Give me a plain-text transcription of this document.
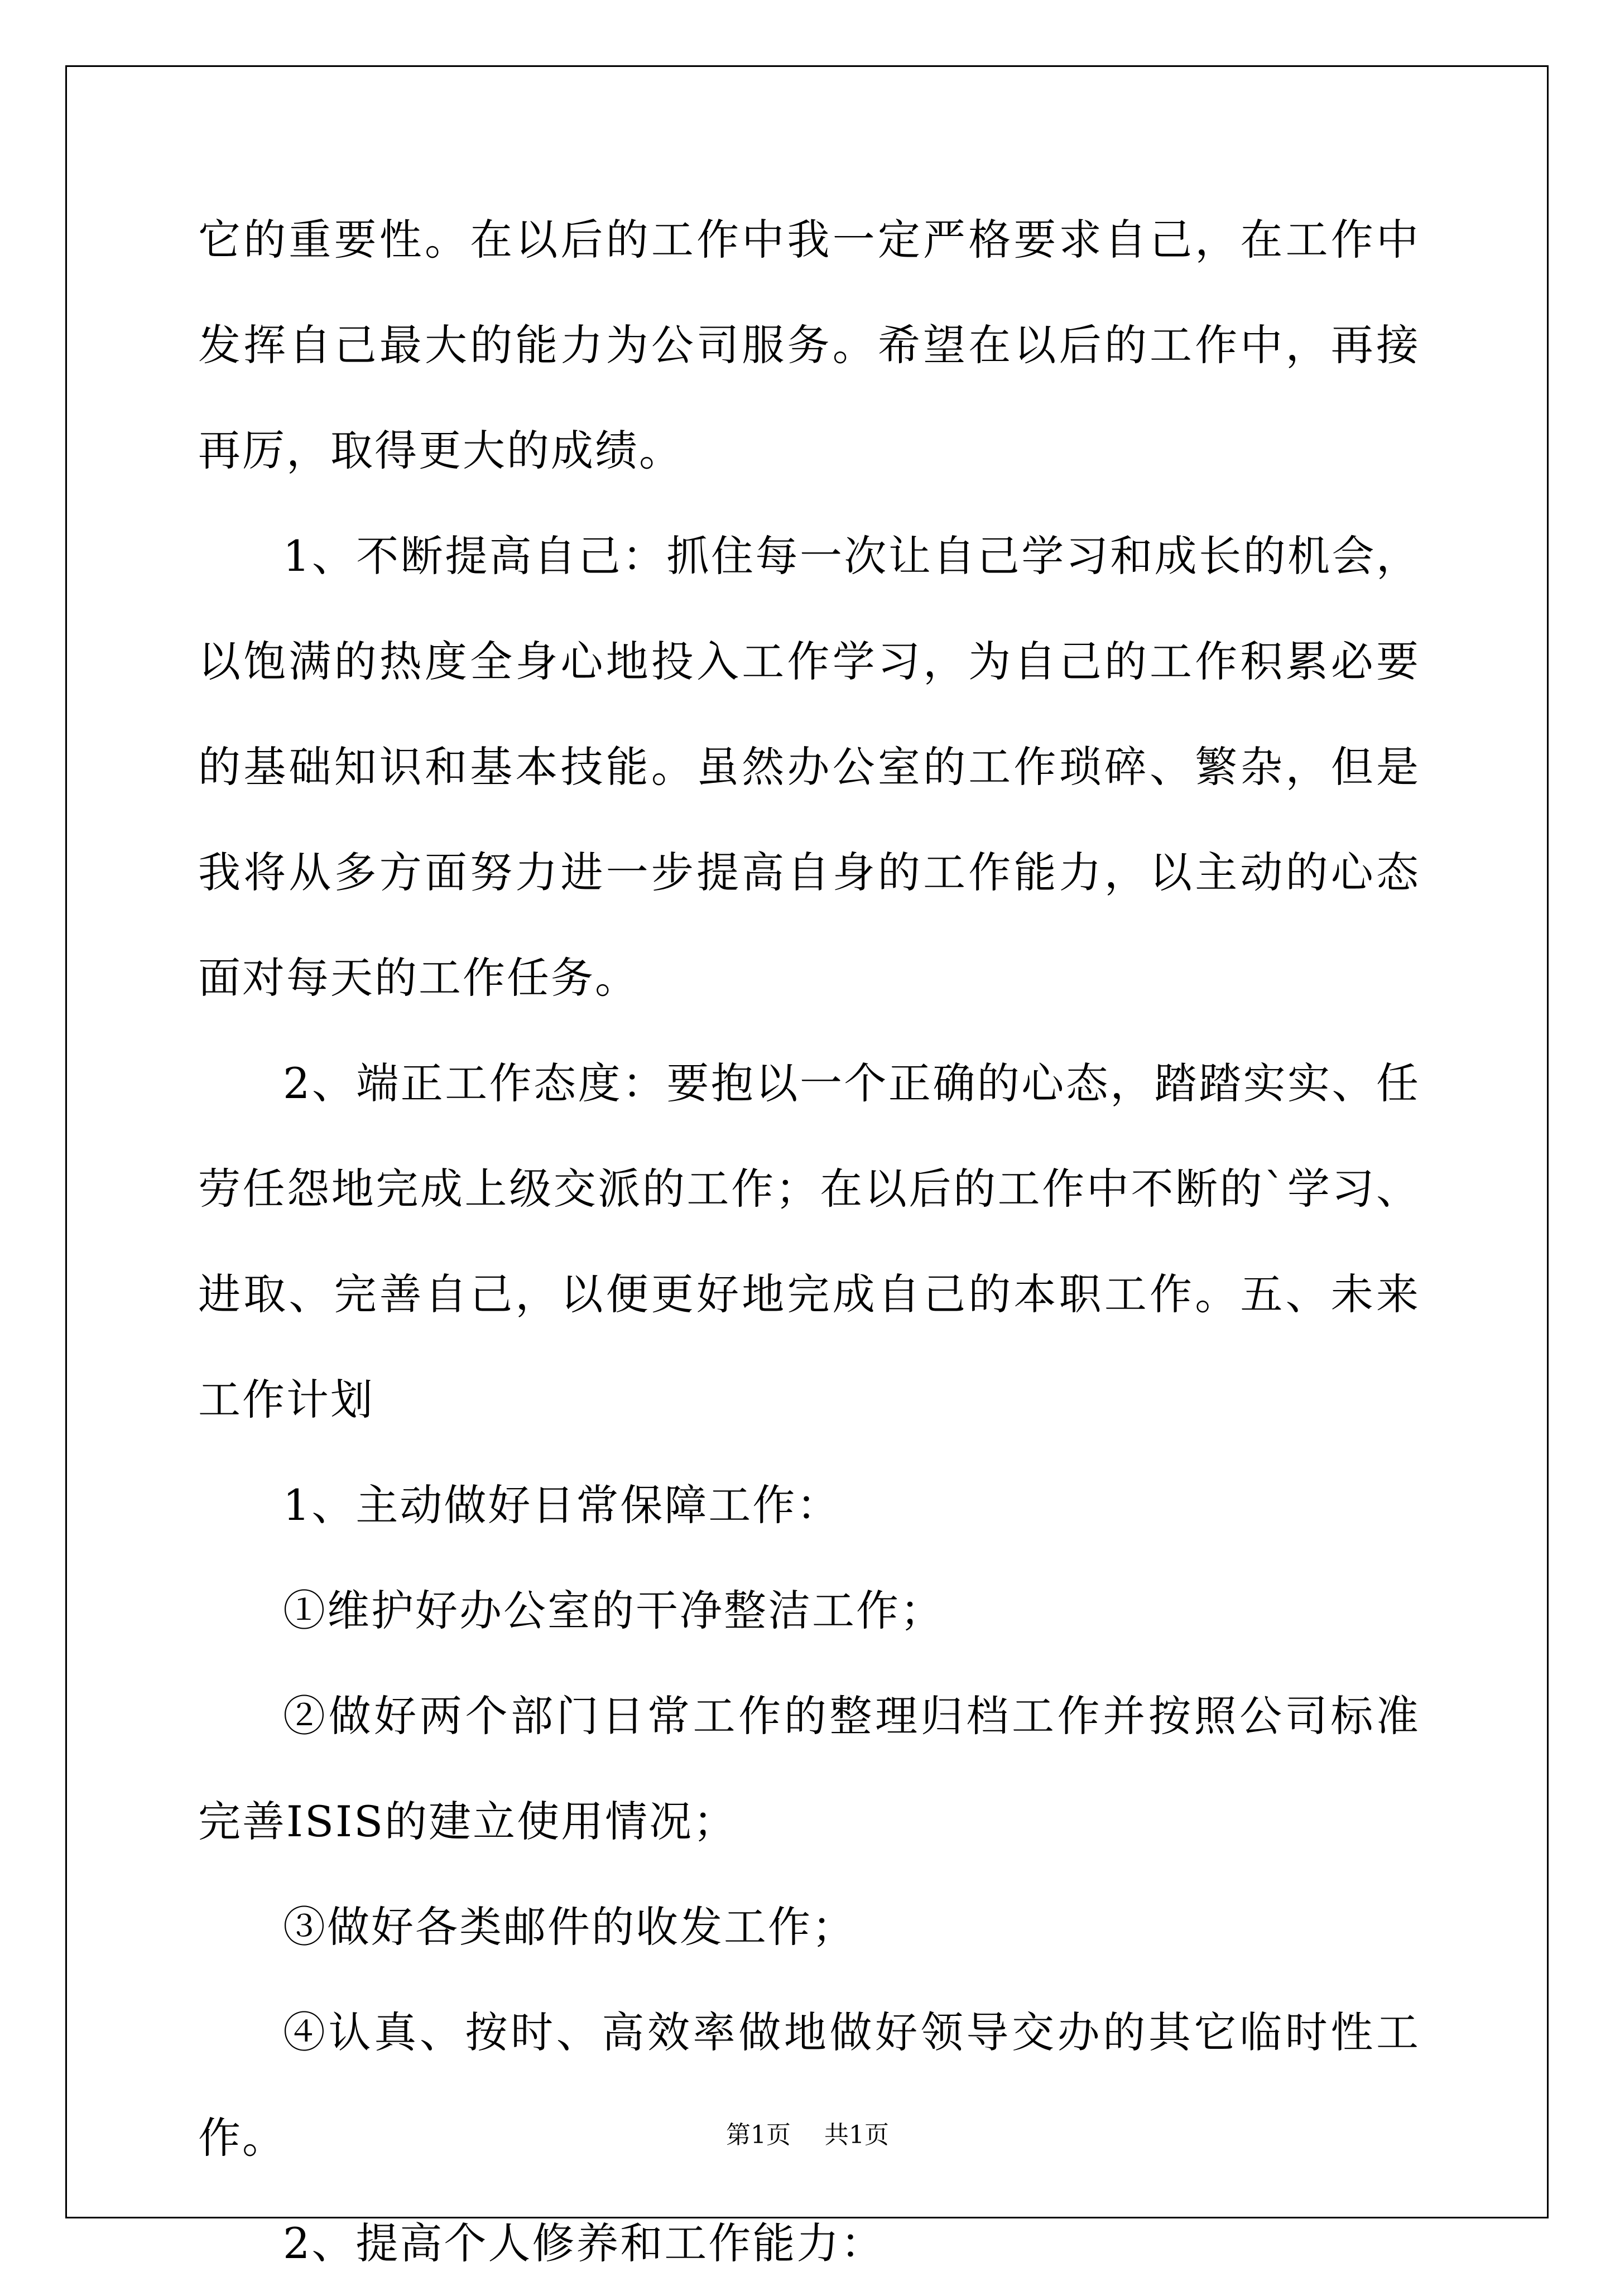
它的重要性。在以后的工作中我一定严格要求自己，在工作中发挥自己最大的能力为公司服务。希望在以后的工作中，再接再厉，取得更大的成绩。

1、不断提高自己：抓住每一次让自己学习和成长的机会，以饱满的热度全身心地投入工作学习，为自己的工作积累必要的基础知识和基本技能。虽然办公室的工作琐碎、繁杂，但是我将从多方面努力进一步提高自身的工作能力，以主动的心态面对每天的工作任务。

2、端正工作态度：要抱以一个正确的心态，踏踏实实、任劳任怨地完成上级交派的工作；在以后的工作中不断的`学习、进取、完善自己，以便更好地完成自己的本职工作。五、未来工作计划

1、主动做好日常保障工作：

①维护好办公室的干净整洁工作；

②做好两个部门日常工作的整理归档工作并按照公司标准完善ISIS的建立使用情况；

③做好各类邮件的收发工作；

④认真、按时、高效率做地做好领导交办的其它临时性工作。

2、提高个人修养和工作能力：

第1页 共1页
